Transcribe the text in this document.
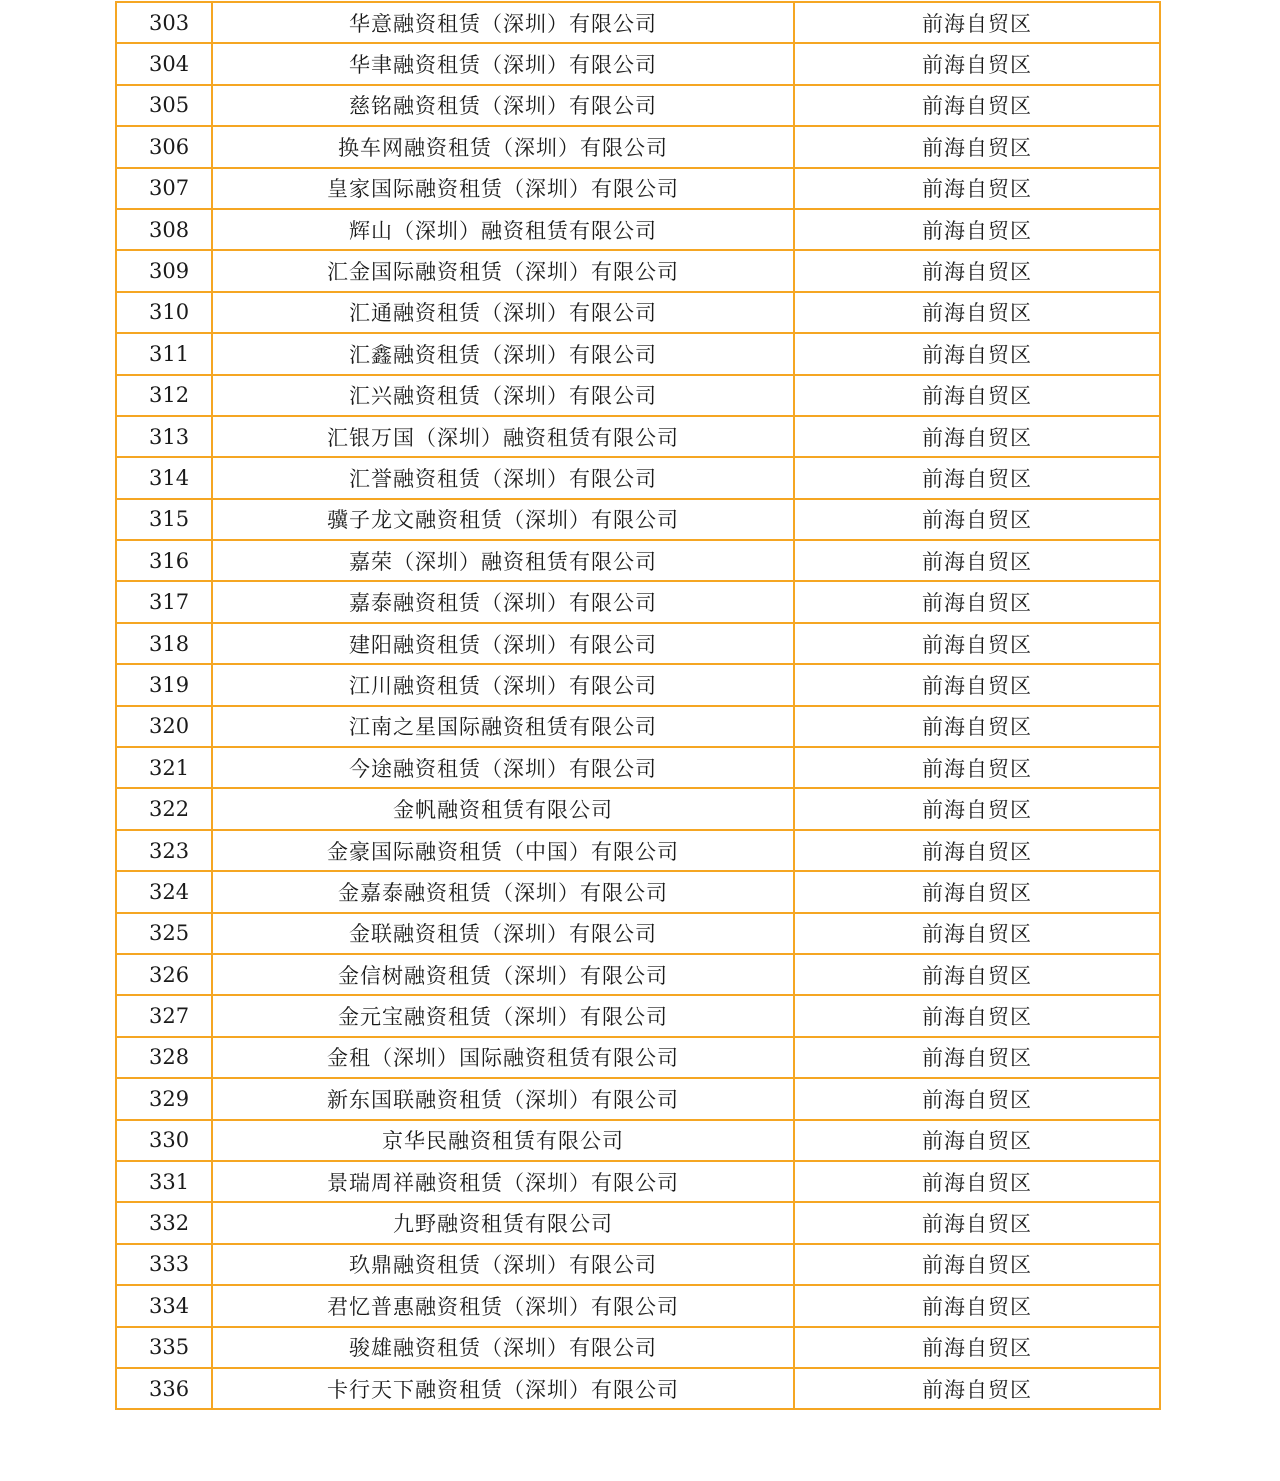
303	华意融资租赁（深圳）有限公司	前海自贸区
304	华聿融资租赁（深圳）有限公司	前海自贸区
305	慈铭融资租赁（深圳）有限公司	前海自贸区
306	换车网融资租赁（深圳）有限公司	前海自贸区
307	皇家国际融资租赁（深圳）有限公司	前海自贸区
308	辉山（深圳）融资租赁有限公司	前海自贸区
309	汇金国际融资租赁（深圳）有限公司	前海自贸区
310	汇通融资租赁（深圳）有限公司	前海自贸区
311	汇鑫融资租赁（深圳）有限公司	前海自贸区
312	汇兴融资租赁（深圳）有限公司	前海自贸区
313	汇银万国（深圳）融资租赁有限公司	前海自贸区
314	汇誉融资租赁（深圳）有限公司	前海自贸区
315	骥子龙文融资租赁（深圳）有限公司	前海自贸区
316	嘉荣（深圳）融资租赁有限公司	前海自贸区
317	嘉泰融资租赁（深圳）有限公司	前海自贸区
318	建阳融资租赁（深圳）有限公司	前海自贸区
319	江川融资租赁（深圳）有限公司	前海自贸区
320	江南之星国际融资租赁有限公司	前海自贸区
321	今途融资租赁（深圳）有限公司	前海自贸区
322	金帆融资租赁有限公司	前海自贸区
323	金豪国际融资租赁（中国）有限公司	前海自贸区
324	金嘉泰融资租赁（深圳）有限公司	前海自贸区
325	金联融资租赁（深圳）有限公司	前海自贸区
326	金信树融资租赁（深圳）有限公司	前海自贸区
327	金元宝融资租赁（深圳）有限公司	前海自贸区
328	金租（深圳）国际融资租赁有限公司	前海自贸区
329	新东国联融资租赁（深圳）有限公司	前海自贸区
330	京华民融资租赁有限公司	前海自贸区
331	景瑞周祥融资租赁（深圳）有限公司	前海自贸区
332	九野融资租赁有限公司	前海自贸区
333	玖鼎融资租赁（深圳）有限公司	前海自贸区
334	君忆普惠融资租赁（深圳）有限公司	前海自贸区
335	骏雄融资租赁（深圳）有限公司	前海自贸区
336	卡行天下融资租赁（深圳）有限公司	前海自贸区
